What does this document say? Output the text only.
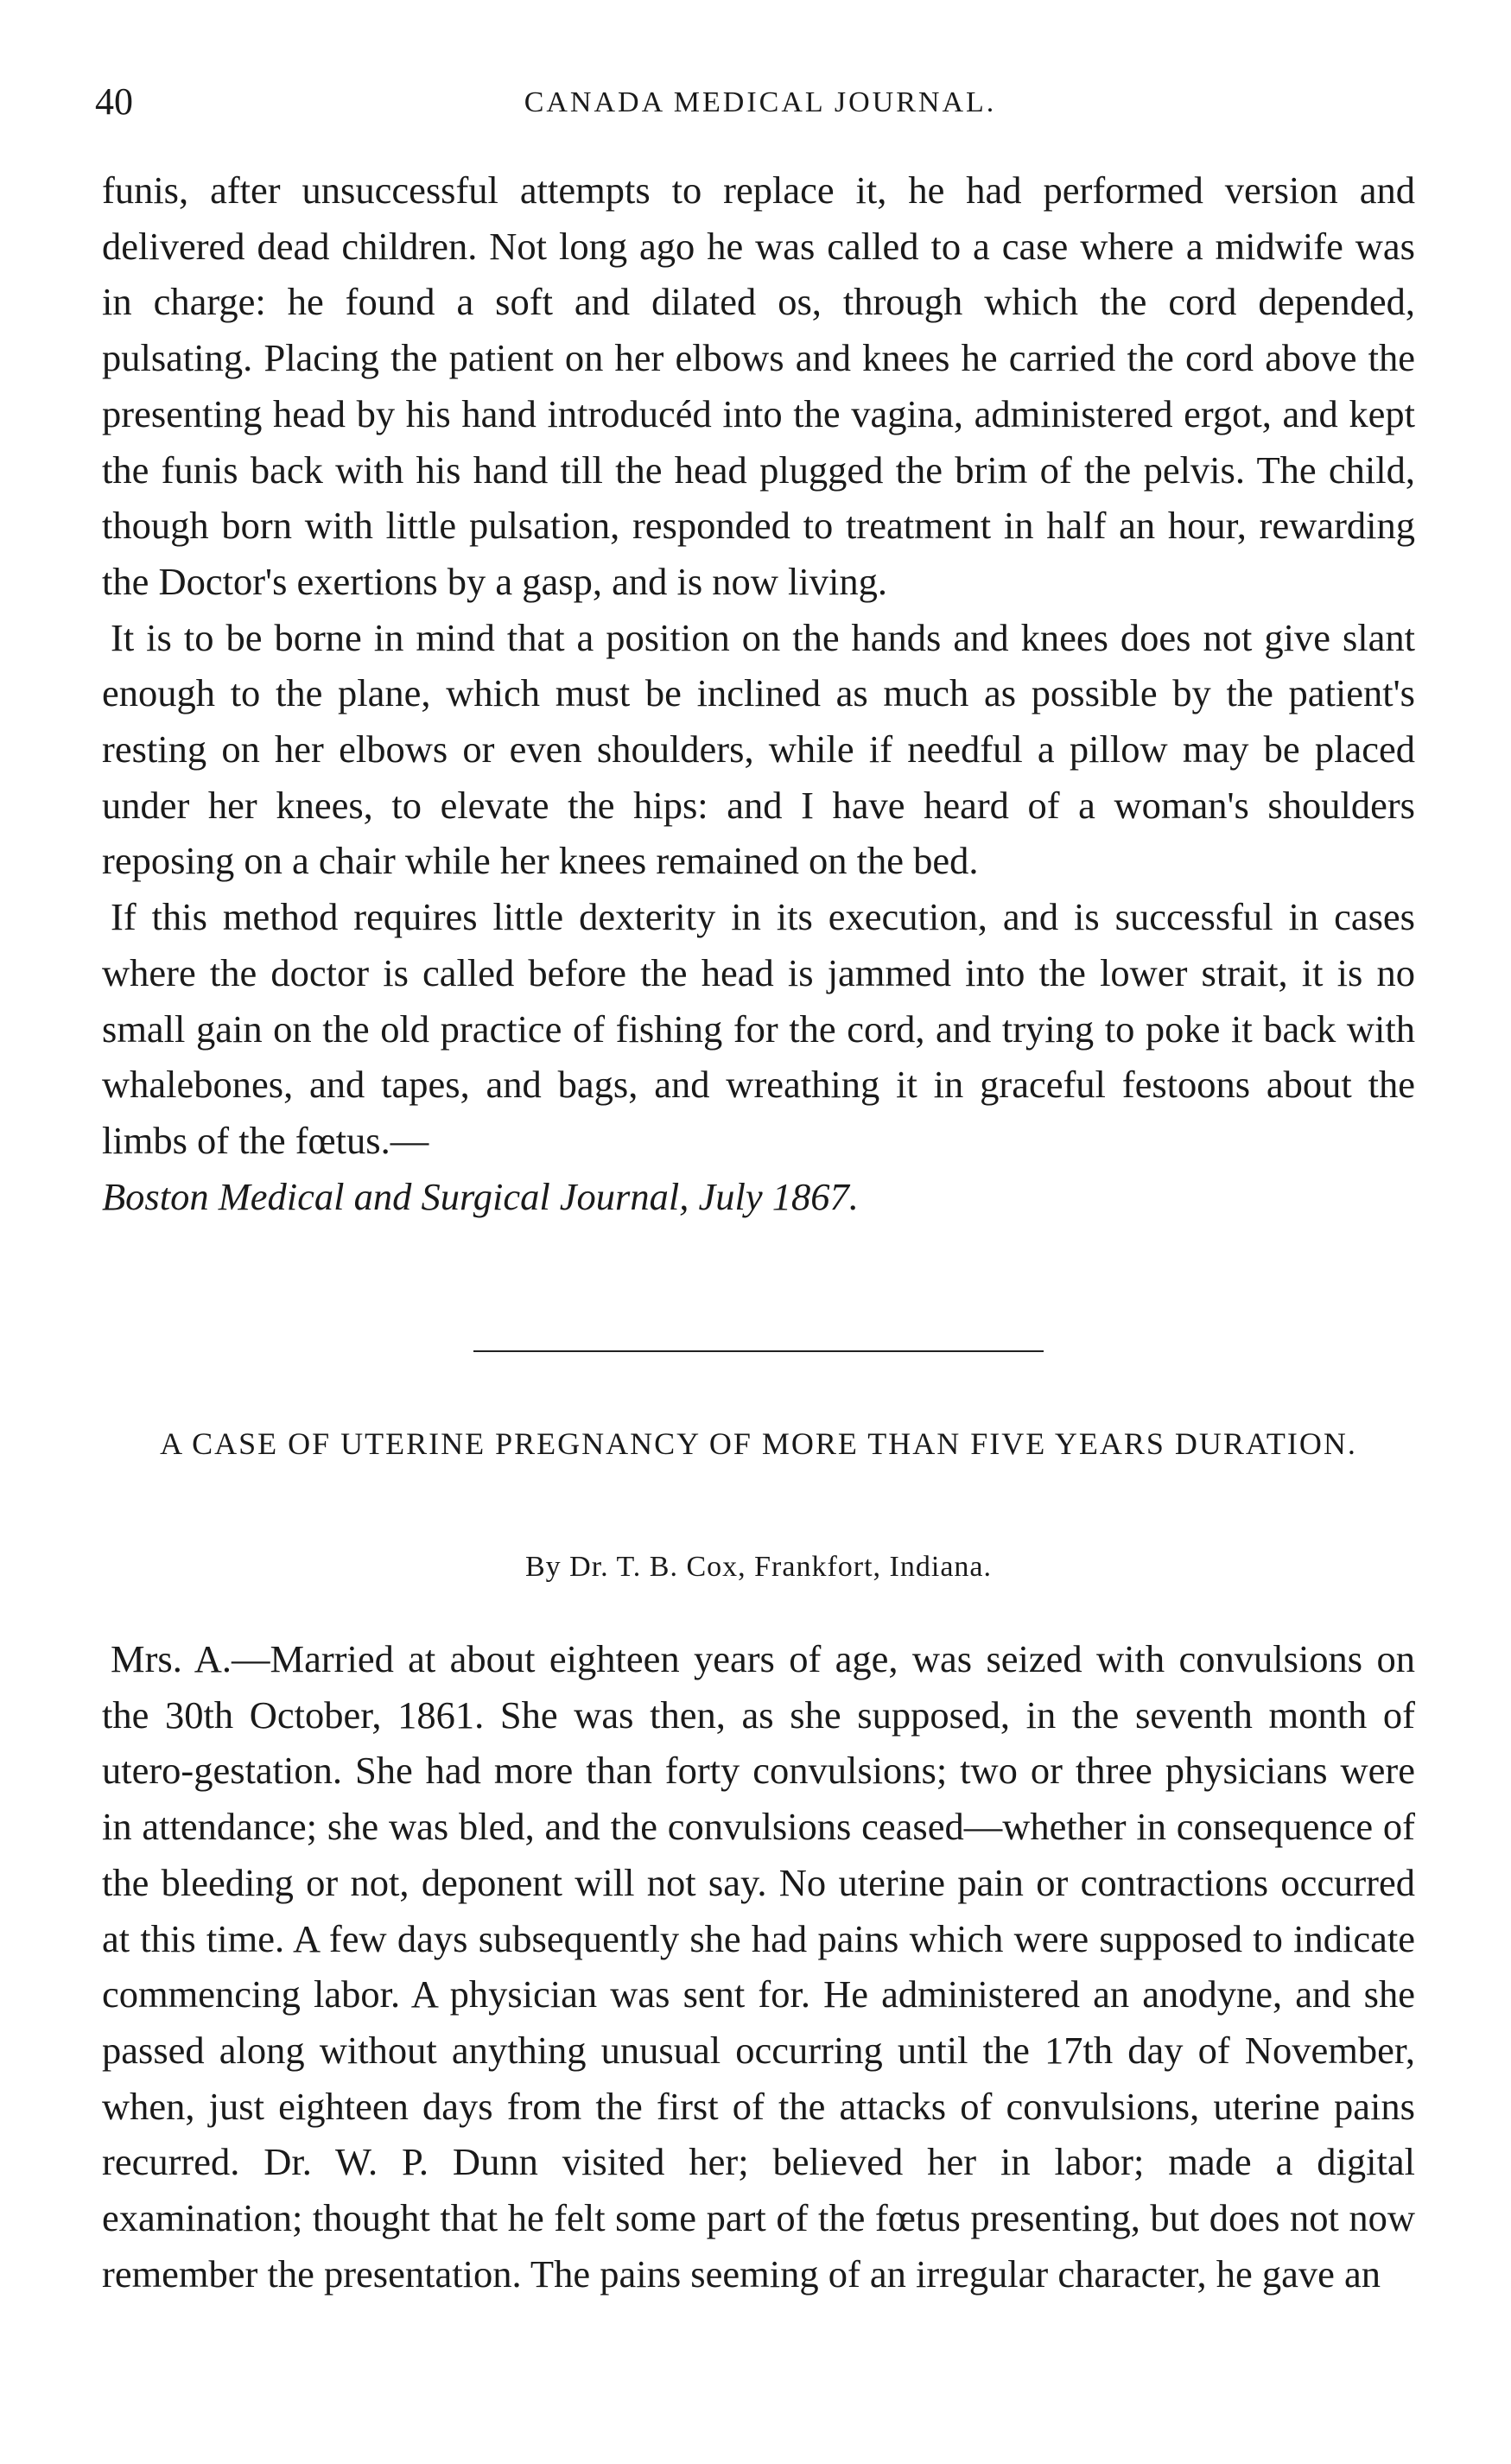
40	CANADA MEDICAL JOURNAL.

funis, after unsuccessful attempts to replace it, he had performed version and delivered dead children. Not long ago he was called to a case where a midwife was in charge: he found a soft and dilated os, through which the cord depended, pulsating. Placing the patient on her elbows and knees he carried the cord above the presenting head by his hand introducéd into the vagina, administered ergot, and kept the funis back with his hand till the head plugged the brim of the pelvis. The child, though born with little pulsation, responded to treatment in half an hour, rewarding the Doctor's exertions by a gasp, and is now living.

It is to be borne in mind that a position on the hands and knees does not give slant enough to the plane, which must be inclined as much as possible by the patient's resting on her elbows or even shoulders, while if needful a pillow may be placed under her knees, to elevate the hips: and I have heard of a woman's shoulders reposing on a chair while her knees remained on the bed.

If this method requires little dexterity in its execution, and is successful in cases where the doctor is called before the head is jammed into the lower strait, it is no small gain on the old practice of fishing for the cord, and trying to poke it back with whalebones, and tapes, and bags, and wreathing it in graceful festoons about the limbs of the fœtus.—
Boston Medical and Surgical Journal, July 1867.

A CASE OF UTERINE PREGNANCY OF MORE THAN FIVE YEARS DURATION.
By Dr. T. B. Cox, Frankfort, Indiana.

Mrs. A.—Married at about eighteen years of age, was seized with convulsions on the 30th October, 1861. She was then, as she supposed, in the seventh month of utero-gestation. She had more than forty convulsions; two or three physicians were in attendance; she was bled, and the convulsions ceased—whether in consequence of the bleeding or not, deponent will not say. No uterine pain or contractions occurred at this time. A few days subsequently she had pains which were supposed to indicate commencing labor. A physician was sent for. He administered an anodyne, and she passed along without anything unusual occurring until the 17th day of November, when, just eighteen days from the first of the attacks of convulsions, uterine pains recurred. Dr. W. P. Dunn visited her; believed her in labor; made a digital examination; thought that he felt some part of the fœtus presenting, but does not now remember the presentation. The pains seeming of an irregular character, he gave an
